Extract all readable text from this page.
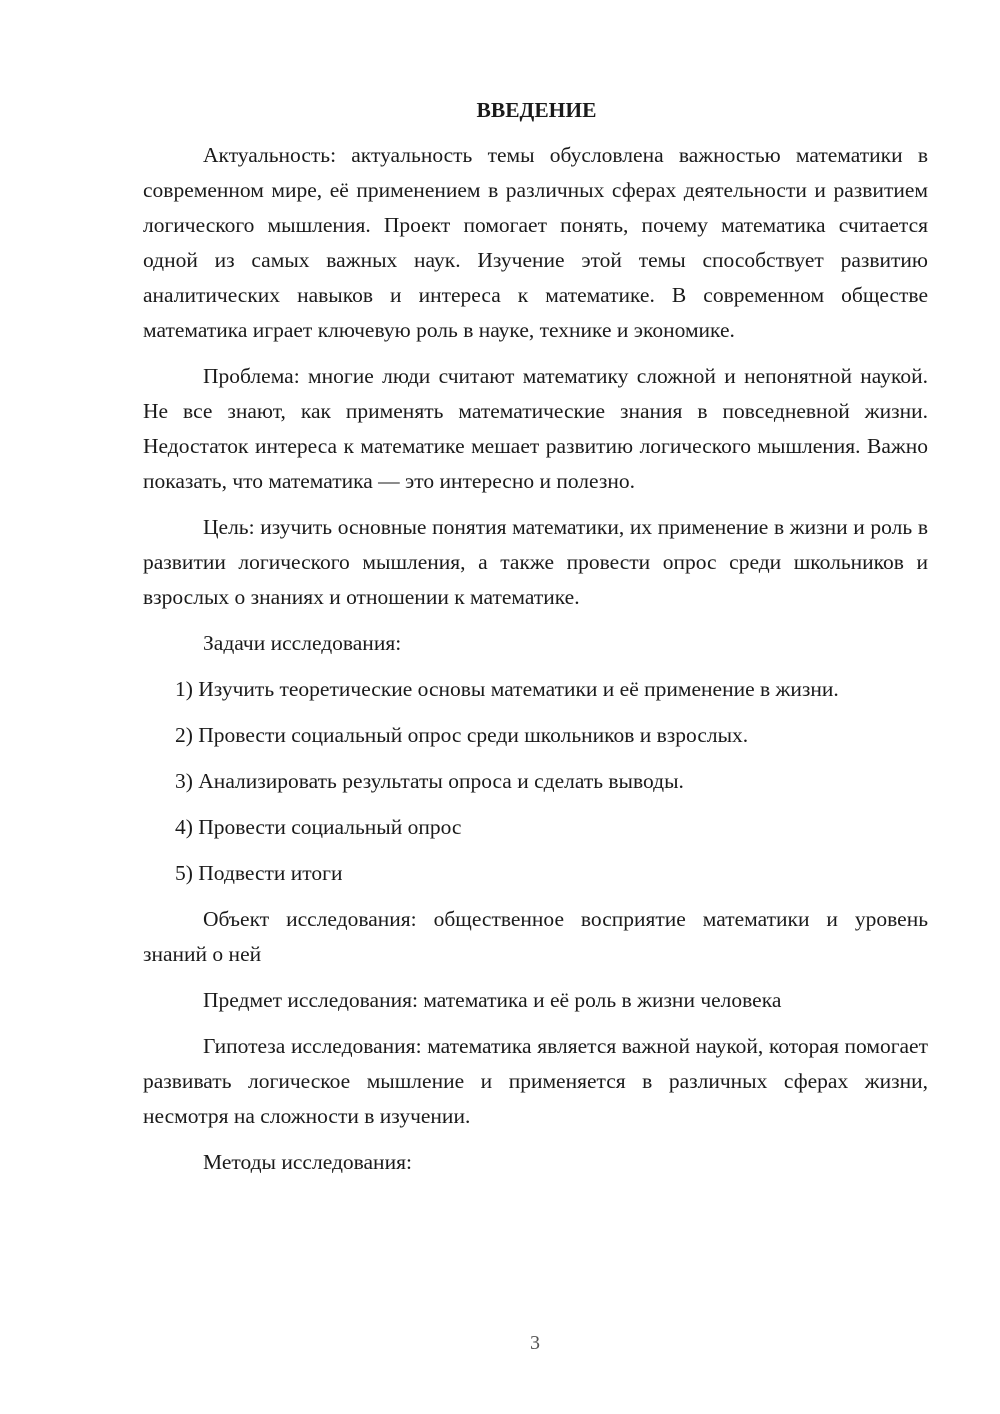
ВВЕДЕНИЕ

Актуальность: актуальность темы обусловлена важностью математики в современном мире, её применением в различных сферах деятельности и развитием логического мышления. Проект помогает понять, почему математика считается одной из самых важных наук. Изучение этой темы способствует развитию аналитических навыков и интереса к математике. В современном обществе математика играет ключевую роль в науке, технике и экономике.

Проблема: многие люди считают математику сложной и непонятной наукой. Не все знают, как применять математические знания в повседневной жизни. Недостаток интереса к математике мешает развитию логического мышления. Важно показать, что математика — это интересно и полезно.

Цель: изучить основные понятия математики, их применение в жизни и роль в развитии логического мышления, а также провести опрос среди школьников и взрослых о знаниях и отношении к математике.

Задачи исследования:

1) Изучить теоретические основы математики и её применение в жизни.

2) Провести социальный опрос среди школьников и взрослых.

3) Анализировать результаты опроса и сделать выводы.

4) Провести социальный опрос

5) Подвести итоги

Объект исследования: общественное восприятие математики и уровень знаний о ней

Предмет исследования: математика и её роль в жизни человека

Гипотеза исследования: математика является важной наукой, которая помогает развивать логическое мышление и применяется в различных сферах жизни, несмотря на сложности в изучении.

Методы исследования:

3
